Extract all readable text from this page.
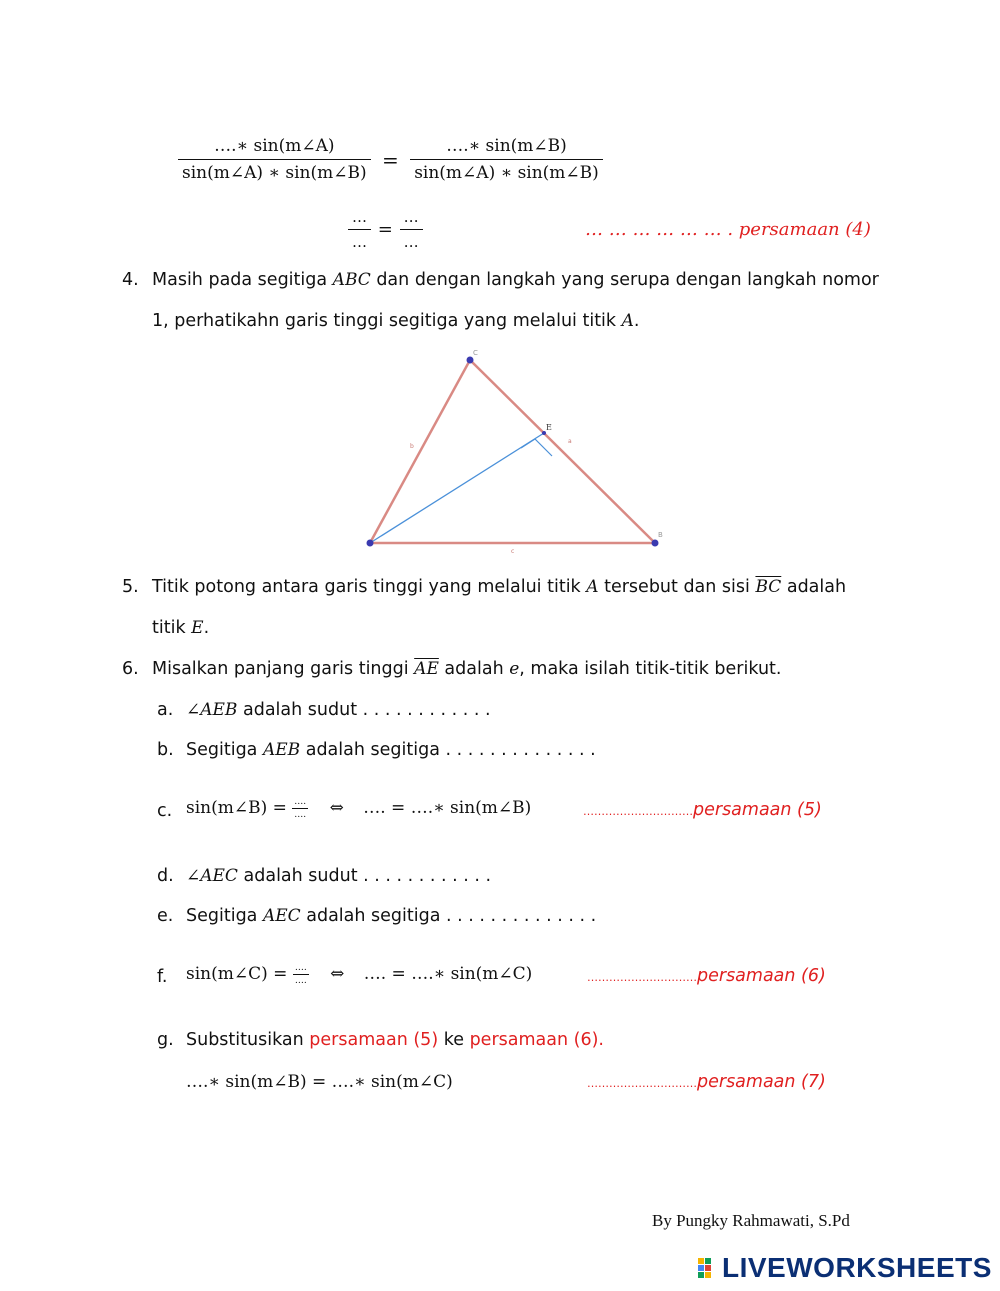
$\frac{\dots.∗ \sin(m\angle A)}{\sin(m\angle A) ∗ \sin(m\angle B)} = \frac{\dots.∗ \sin(m\angle B)}{\sin(m\angle A) ∗ \sin(m\angle B)}$
$\frac{\dots}{\dots} = \frac{\dots}{\dots}$	… … … … … … . persamaan (4)
4. Masih pada segitiga ABC dan dengan langkah yang serupa dengan langkah nomor
1, perhatikahn garis tinggi segitiga yang melalui titik A.
C
E
B
a
b
c
5. Titik potong antara garis tinggi yang melalui titik A tersebut dan sisi $\overline{BC}$ adalah
titik E.
6. Misalkan panjang garis tinggi $\overline{AE}$ adalah e, maka isilah titik-titik berikut.
a. ∠AEB adalah sudut . . . . . . . . . . . .
b. Segitiga AEB adalah segitiga . . . . . . . . . . . . . .
c. sin(m∠B) = $\frac{\dots.}{\dots.}$ ⇔ …. = ….∗ sin(m∠B)	…………………………persamaan (5)
d. ∠AEC adalah sudut . . . . . . . . . . . .
e. Segitiga AEC adalah segitiga . . . . . . . . . . . . . .
f. sin(m∠C) = $\frac{\dots.}{\dots.}$ ⇔ …. = ….∗ sin(m∠C)	…………………………persamaan (6)
g. Substitusikan persamaan (5) ke persamaan (6).
….∗ sin(m∠B) = ….∗ sin(m∠C)	…………………………persamaan (7)
By Pungky Rahmawati, S.Pd
LIVEWORKSHEETS
